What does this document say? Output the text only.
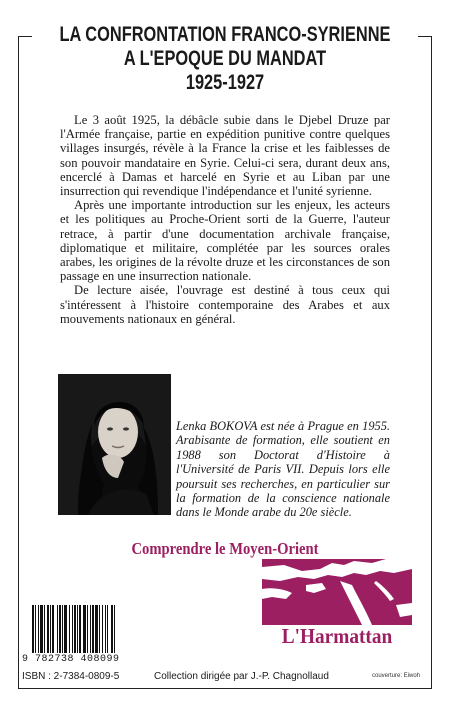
LA CONFRONTATION FRANCO-SYRIENNE
A L'EPOQUE DU MANDAT
1925-1927

Le 3 août 1925, la débâcle subie dans le Djebel Druze par l'Armée française, partie en expédition punitive contre quelques villages insurgés, révèle à la France la crise et les faiblesses de son pouvoir mandataire en Syrie. Celui-ci sera, durant deux ans, encerclé à Damas et harcelé en Syrie et au Liban par une insurrection qui revendique l'indépendance et l'unité syrienne.

Après une importante introduction sur les enjeux, les acteurs et les politiques au Proche-Orient sorti de la Guerre, l'auteur retrace, à partir d'une documentation archivale française, diplomatique et militaire, complétée par les sources orales arabes, les origines de la révolte druze et les circonstances de son passage en une insurrection nationale.

De lecture aisée, l'ouvrage est destiné à tous ceux qui s'intéressent à l'histoire contemporaine des Arabes et aux mouvements nationaux en général.

Lenka BOKOVA est née à Prague en 1955. Arabisante de formation, elle soutient en 1988 son Doctorat d'Histoire à l'Université de Paris VII. Depuis lors elle poursuit ses recherches, en particulier sur la formation de la conscience nationale dans le Monde arabe du 20e siècle.
Comprendre le Moyen-Orient
L'Harmattan
9 782738 408099
ISBN : 2-7384-0809-5	Collection dirigée par J.-P. Chagnollaud	couverture: Eiwoh
